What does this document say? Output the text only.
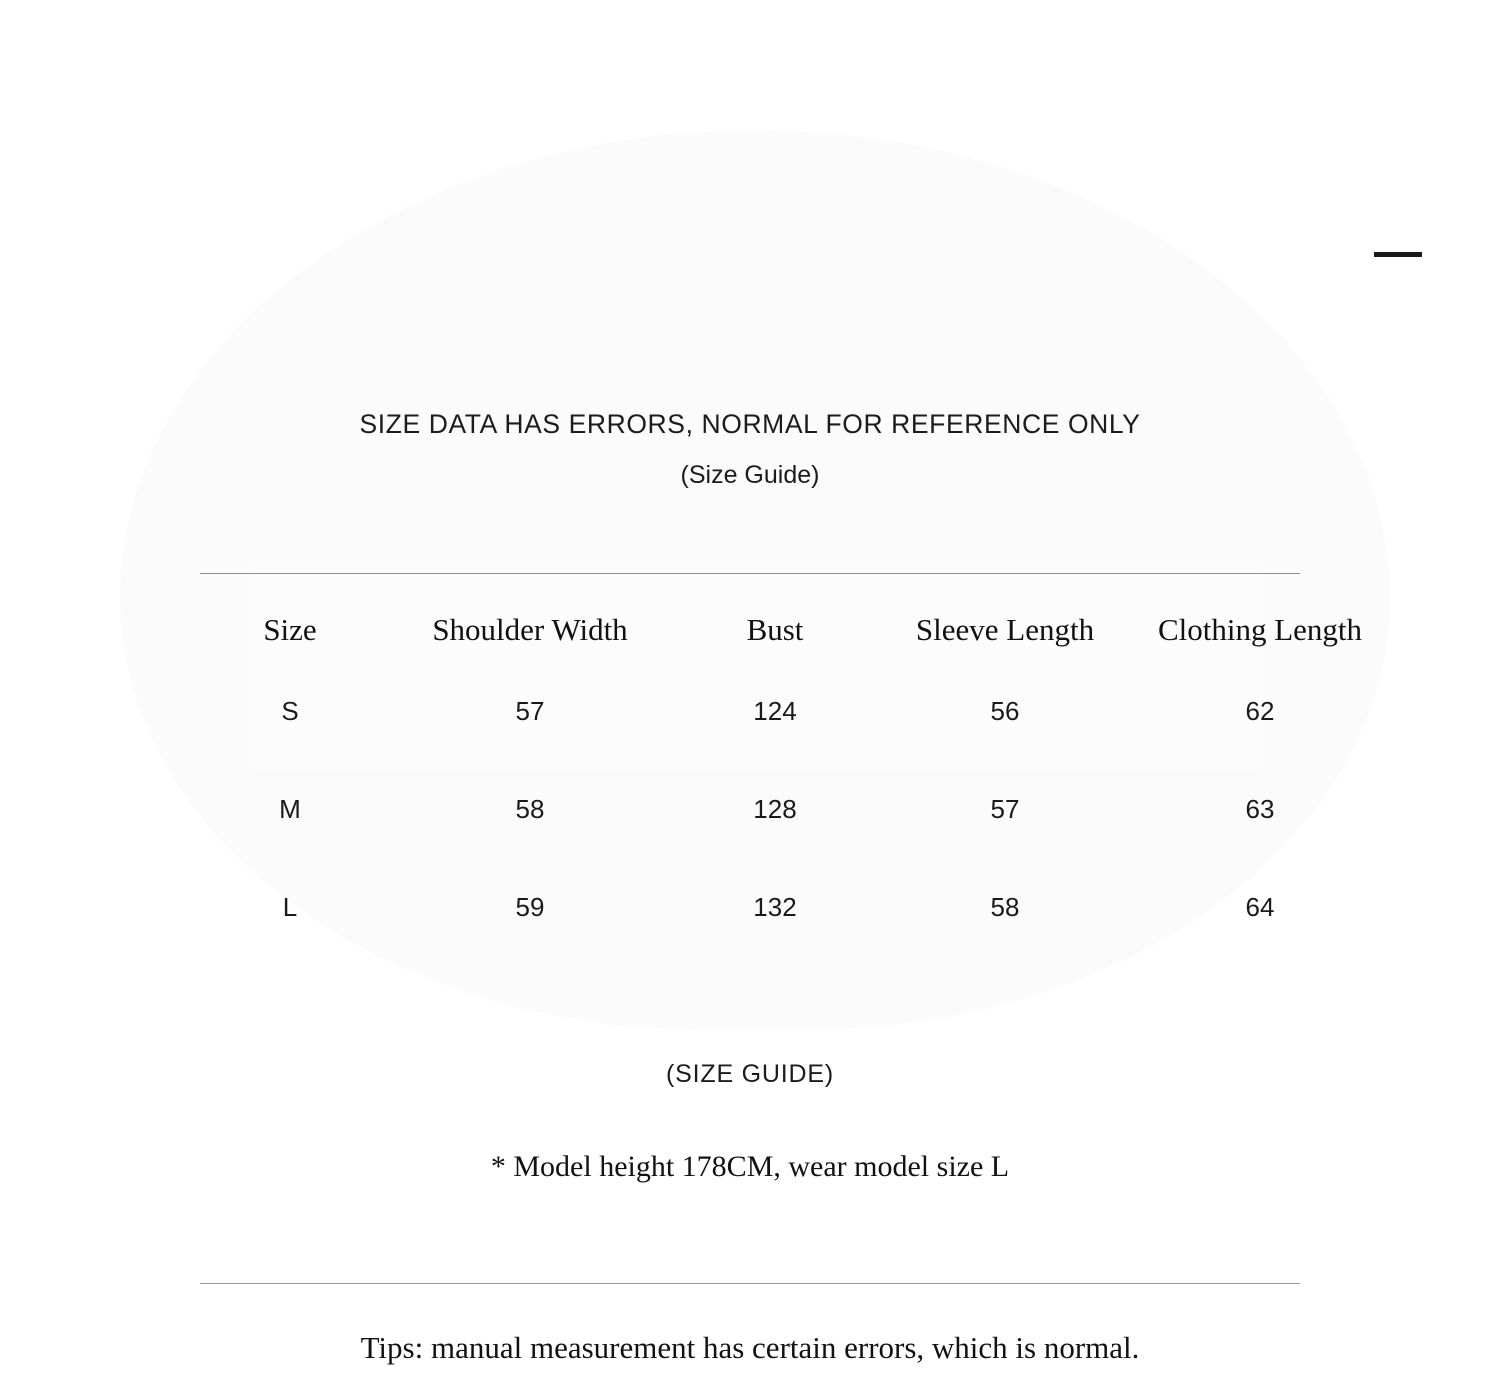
SIZE DATA HAS ERRORS, NORMAL FOR REFERENCE ONLY
(Size Guide)
Size	Shoulder Width	Bust	Sleeve Length	Clothing Length
S	57	124	56	62
M	58	128	57	63
L	59	132	58	64
(SIZE GUIDE)
* Model height 178CM, wear model size L
Tips: manual measurement has certain errors, which is normal.
